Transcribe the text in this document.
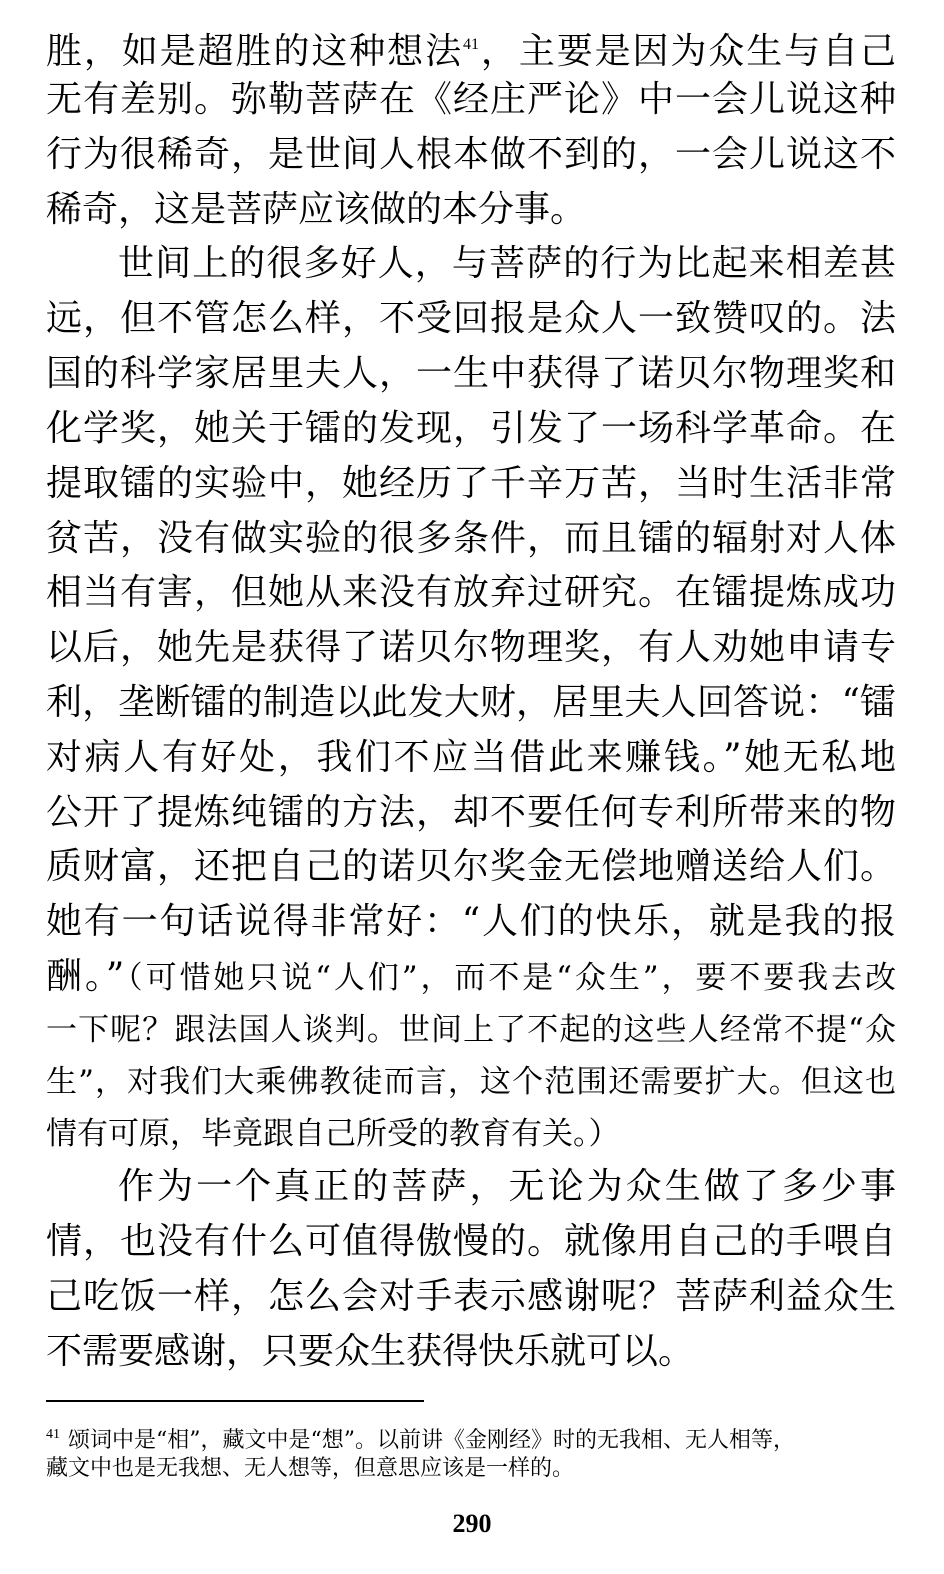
胜，如是超胜的这种想法$^{41}$，主要是因为众生与自己
无有差别。弥勒菩萨在《经庄严论》中一会儿说这种
行为很稀奇，是世间人根本做不到的，一会儿说这不
稀奇，这是菩萨应该做的本分事。
世间上的很多好人，与菩萨的行为比起来相差甚
远，但不管怎么样，不受回报是众人一致赞叹的。法
国的科学家居里夫人，一生中获得了诺贝尔物理奖和
化学奖，她关于镭的发现，引发了一场科学革命。在
提取镭的实验中，她经历了千辛万苦，当时生活非常
贫苦，没有做实验的很多条件，而且镭的辐射对人体
相当有害，但她从来没有放弃过研究。在镭提炼成功
以后，她先是获得了诺贝尔物理奖，有人劝她申请专
利，垄断镭的制造以此发大财，居里夫人回答说：“镭
对病人有好处，我们不应当借此来赚钱。”她无私地
公开了提炼纯镭的方法，却不要任何专利所带来的物
质财富，还把自己的诺贝尔奖金无偿地赠送给人们。
她有一句话说得非常好：“人们的快乐，就是我的报
酬。”（可惜她只说“人们”，而不是“众生”，要不要我去改
一下呢？跟法国人谈判。世间上了不起的这些人经常不提“众
生”，对我们大乘佛教徒而言，这个范围还需要扩大。但这也
情有可原，毕竟跟自己所受的教育有关。）
作为一个真正的菩萨，无论为众生做了多少事
情，也没有什么可值得傲慢的。就像用自己的手喂自
己吃饭一样，怎么会对手表示感谢呢？菩萨利益众生
不需要感谢，只要众生获得快乐就可以。
$^{41}$ 颂词中是“相”，藏文中是“想”。以前讲《金刚经》时的无我相、无人相等，
藏文中也是无我想、无人想等，但意思应该是一样的。
290
